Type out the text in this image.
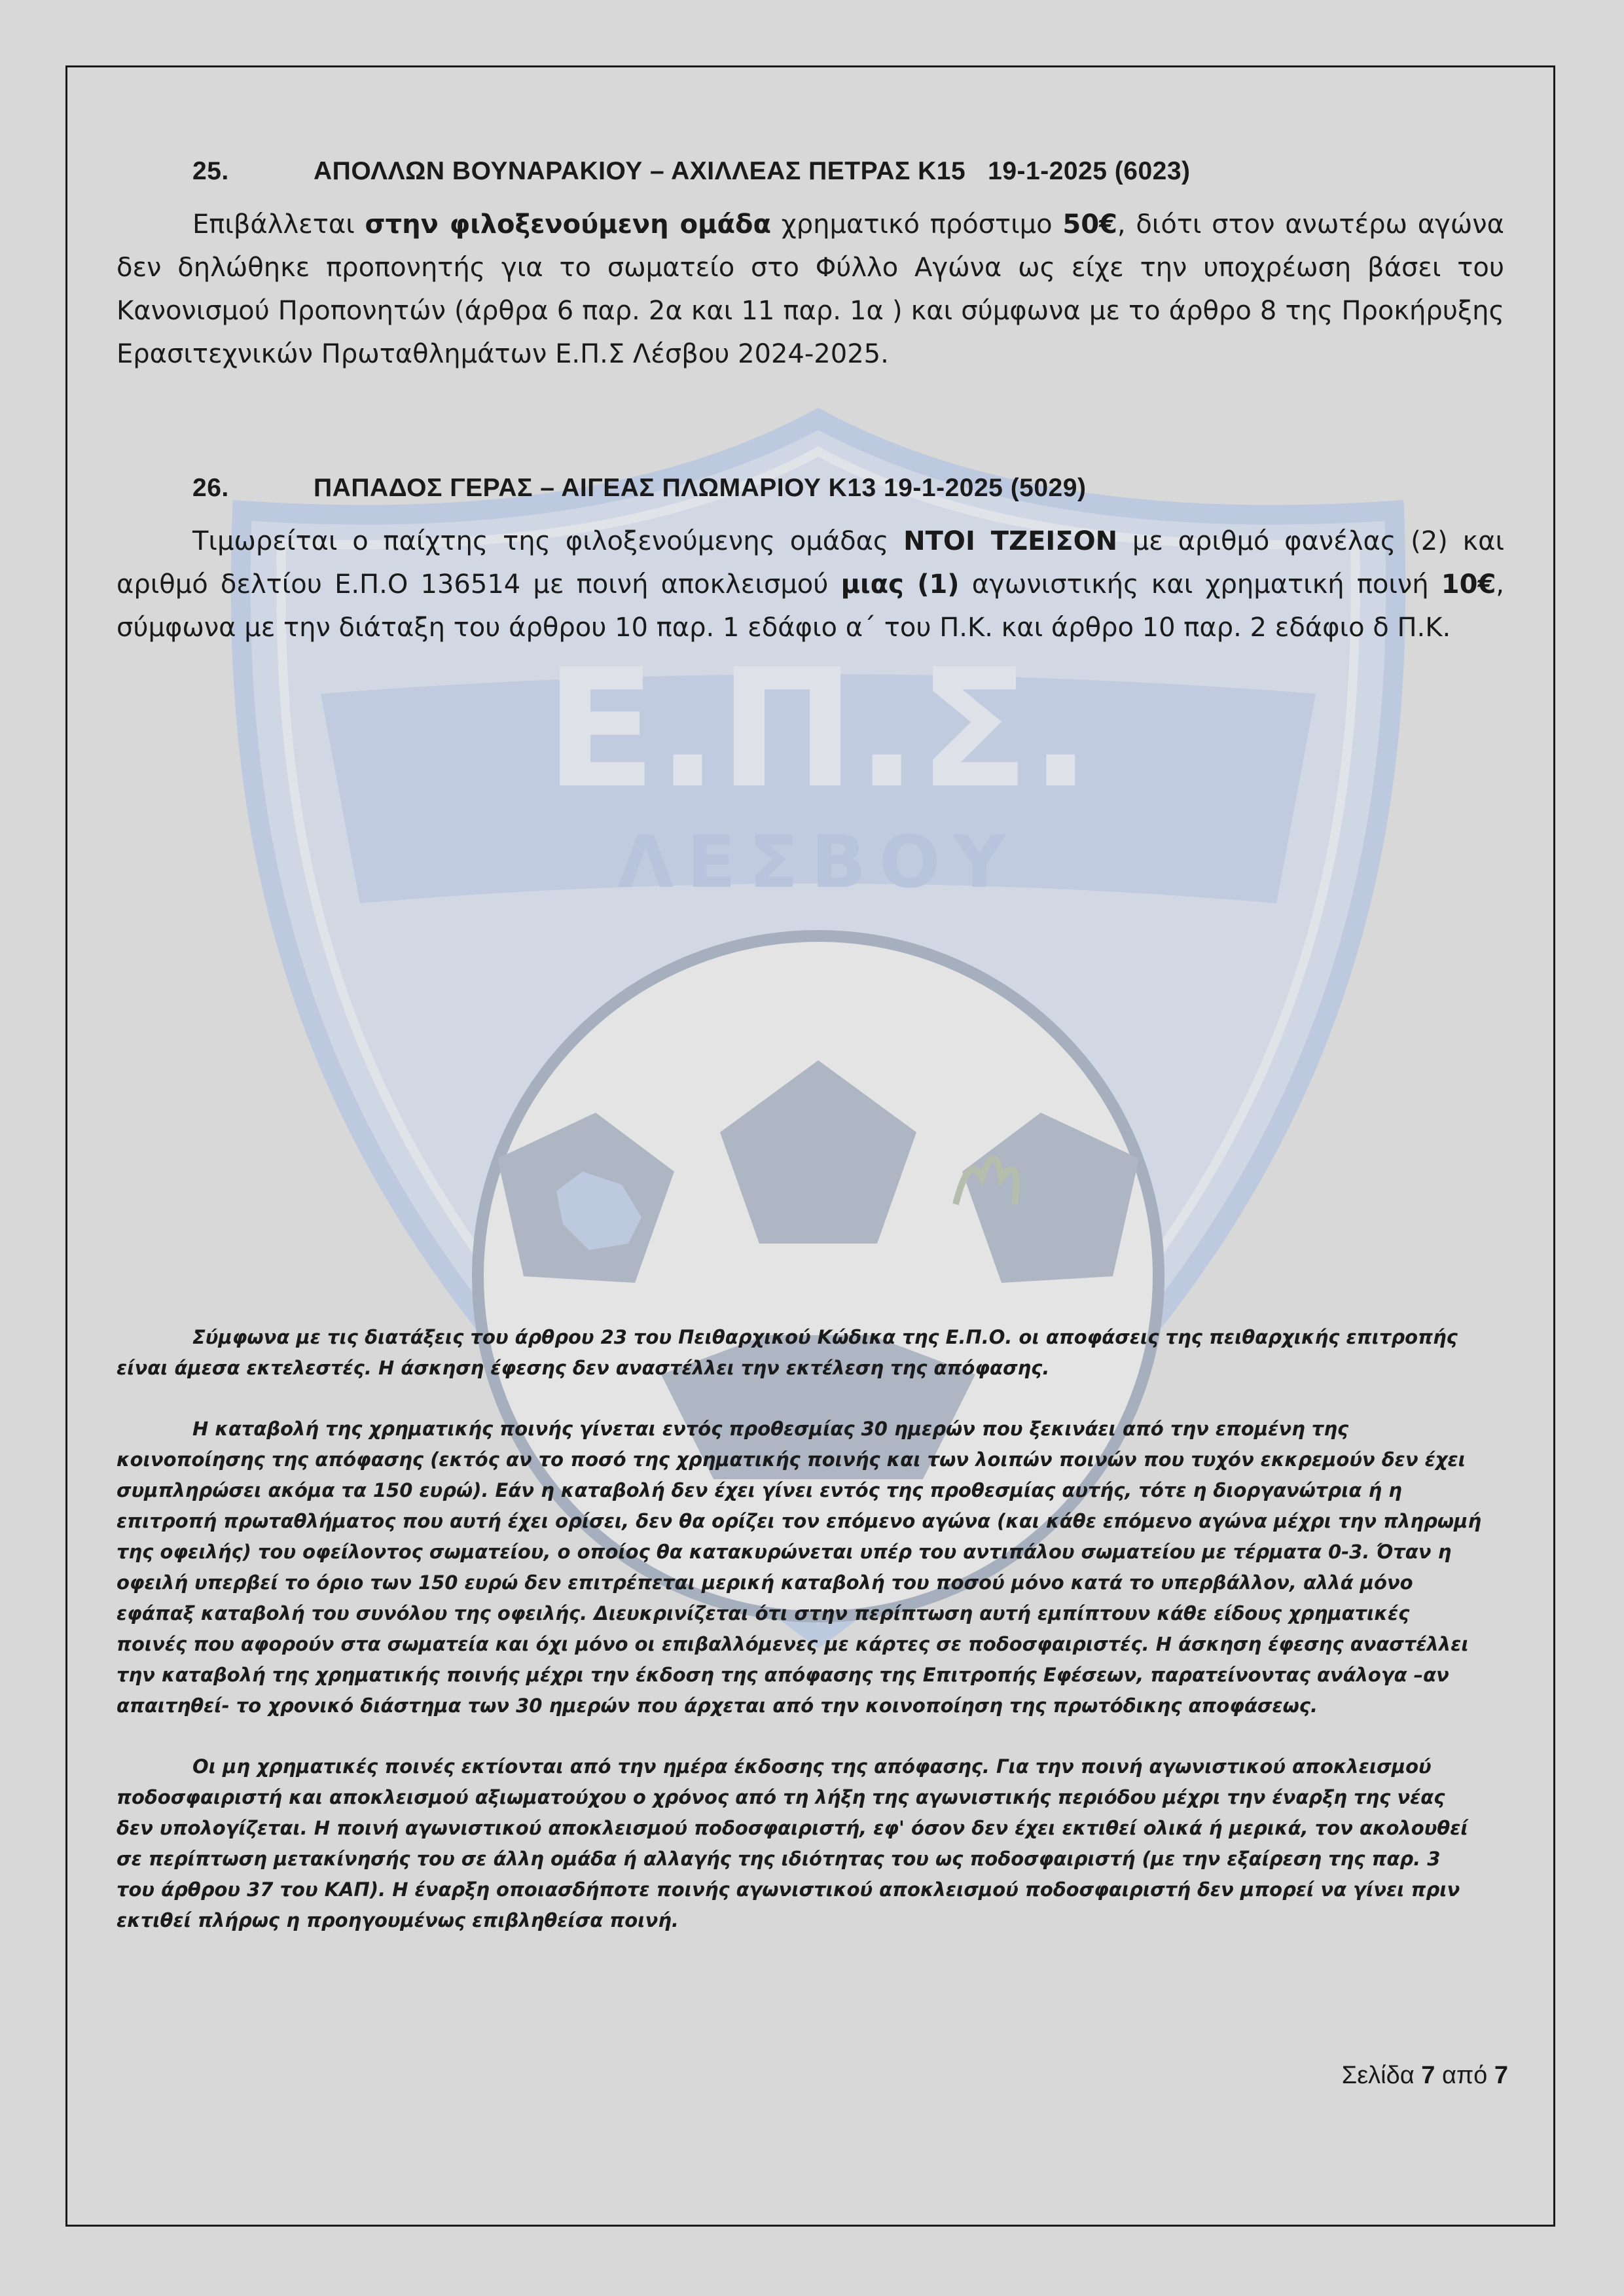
Ε.Π.Σ.
ΛΕΣΒΟΥ
25.	ΑΠΟΛΛΩΝ ΒΟΥΝΑΡΑΚΙΟΥ – ΑΧΙΛΛΕΑΣ ΠΕΤΡΑΣ Κ15   19-1-2025 (6023)

Επιβάλλεται στην φιλοξενούμενη ομάδα χρηματικό πρόστιμο 50€, διότι στον ανωτέρω αγώνα δεν δηλώθηκε προπονητής για το σωματείο στο Φύλλο Αγώνα ως είχε την υποχρέωση βάσει του Κανονισμού Προπονητών (άρθρα 6 παρ. 2α και 11 παρ. 1α ) και σύμφωνα με το άρθρο 8 της Προκήρυξης Ερασιτεχνικών Πρωταθλημάτων Ε.Π.Σ Λέσβου 2024-2025.

26.	ΠΑΠΑΔΟΣ ΓΕΡΑΣ – ΑΙΓΕΑΣ ΠΛΩΜΑΡΙΟΥ Κ13 19-1-2025 (5029)

Τιμωρείται ο παίχτης της φιλοξενούμενης ομάδας ΝΤΟΙ ΤΖΕΙΣΟΝ με αριθμό φανέλας (2) και αριθμό δελτίου Ε.Π.Ο 136514 με ποινή αποκλεισμού μιας (1) αγωνιστικής και χρηματική ποινή 10€, σύμφωνα με την διάταξη του άρθρου 10 παρ. 1 εδάφιο α΄ του Π.Κ. και άρθρο 10 παρ. 2 εδάφιο δ Π.Κ.

Σύμφωνα με τις διατάξεις του άρθρου 23 του Πειθαρχικού Κώδικα της Ε.Π.Ο. οι αποφάσεις της πειθαρχικής επιτροπής είναι άμεσα εκτελεστές. Η άσκηση έφεσης δεν αναστέλλει την εκτέλεση της απόφασης.

Η καταβολή της χρηματικής ποινής γίνεται εντός προθεσμίας 30 ημερών που ξεκινάει από την επομένη της κοινοποίησης της απόφασης (εκτός αν το ποσό της χρηματικής ποινής και των λοιπών ποινών που τυχόν εκκρεμούν δεν έχει συμπληρώσει ακόμα τα 150 ευρώ). Εάν η καταβολή δεν έχει γίνει εντός της προθεσμίας αυτής, τότε η διοργανώτρια ή η επιτροπή πρωταθλήματος που αυτή έχει ορίσει, δεν θα ορίζει τον επόμενο αγώνα (και κάθε επόμενο αγώνα μέχρι την πληρωμή της οφειλής) του οφείλοντος σωματείου, ο οποίος θα κατακυρώνεται υπέρ του αντιπάλου σωματείου με τέρματα 0-3. Όταν η οφειλή υπερβεί το όριο των 150 ευρώ δεν επιτρέπεται μερική καταβολή του ποσού μόνο κατά το υπερβάλλον, αλλά μόνο εφάπαξ καταβολή του συνόλου της οφειλής. Διευκρινίζεται ότι στην περίπτωση αυτή εμπίπτουν κάθε είδους χρηματικές ποινές που αφορούν στα σωματεία και όχι μόνο οι επιβαλλόμενες με κάρτες σε ποδοσφαιριστές. Η άσκηση έφεσης αναστέλλει την καταβολή της χρηματικής ποινής μέχρι την έκδοση της απόφασης της Επιτροπής Εφέσεων, παρατείνοντας ανάλογα –αν απαιτηθεί- το χρονικό διάστημα των 30 ημερών που άρχεται από την κοινοποίηση της πρωτόδικης αποφάσεως.

Οι μη χρηματικές ποινές εκτίονται από την ημέρα έκδοσης της απόφασης. Για την ποινή αγωνιστικού αποκλεισμού ποδοσφαιριστή και αποκλεισμού αξιωματούχου ο χρόνος από τη λήξη της αγωνιστικής περιόδου μέχρι την έναρξη της νέας δεν υπολογίζεται. Η ποινή αγωνιστικού αποκλεισμού ποδοσφαιριστή, εφ' όσον δεν έχει εκτιθεί ολικά ή μερικά, τον ακολουθεί σε περίπτωση μετακίνησής του σε άλλη ομάδα ή αλλαγής της ιδιότητας του ως ποδοσφαιριστή (με την εξαίρεση της παρ. 3 του άρθρου 37 του ΚΑΠ). Η έναρξη οποιασδήποτε ποινής αγωνιστικού αποκλεισμού ποδοσφαιριστή δεν μπορεί να γίνει πριν εκτιθεί πλήρως η προηγουμένως επιβληθείσα ποινή.

Σελίδα 7 από 7
